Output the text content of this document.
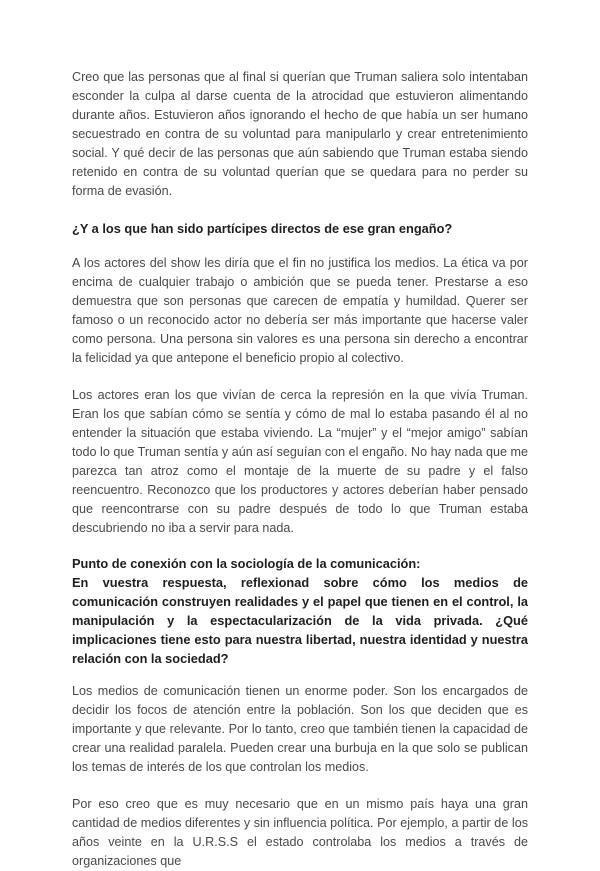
Creo que las personas que al final si querían que Truman saliera solo intentaban esconder la culpa al darse cuenta de la atrocidad que estuvieron alimentando durante años. Estuvieron años ignorando el hecho de que había un ser humano secuestrado en contra de su voluntad para manipularlo y crear entretenimiento social. Y qué decir de las personas que aún sabiendo que Truman estaba siendo retenido en contra de su voluntad querían que se quedara para no perder su forma de evasión.

¿Y a los que han sido partícipes directos de ese gran engaño?

A los actores del show les diría que el fin no justifica los medios. La ética va por encima de cualquier trabajo o ambición que se pueda tener. Prestarse a eso demuestra que son personas que carecen de empatía y humildad. Querer ser famoso o un reconocido actor no debería ser más importante que hacerse valer como persona. Una persona sin valores es una persona sin derecho a encontrar la felicidad ya que antepone el beneficio propio al colectivo.

Los actores eran los que vivían de cerca la represión en la que vivía Truman. Eran los que sabían cómo se sentía y cómo de mal lo estaba pasando él al no entender la situación que estaba viviendo. La “mujer” y el “mejor amigo” sabían todo lo que Truman sentía y aún así seguían con el engaño. No hay nada que me parezca tan atroz como el montaje de la muerte de su padre y el falso reencuentro. Reconozco que los productores y actores deberían haber pensado que reencontrarse con su padre después de todo lo que Truman estaba descubriendo no iba a servir para nada.

Punto de conexión con la sociología de la comunicación:
En vuestra respuesta, reflexionad sobre cómo los medios de comunicación construyen realidades y el papel que tienen en el control, la manipulación y la espectacularización de la vida privada. ¿Qué implicaciones tiene esto para nuestra libertad, nuestra identidad y nuestra relación con la sociedad?

Los medios de comunicación tienen un enorme poder. Son los encargados de decidir los focos de atención entre la población. Son los que deciden que es importante y que relevante. Por lo tanto, creo que también tienen la capacidad de crear una realidad paralela. Pueden crear una burbuja en la que solo se publican los temas de interés de los que controlan los medios.

Por eso creo que es muy necesario que en un mismo país haya una gran cantidad de medios diferentes y sin influencia política. Por ejemplo, a partir de los años veinte en la U.R.S.S el estado controlaba los medios a través de organizaciones que
